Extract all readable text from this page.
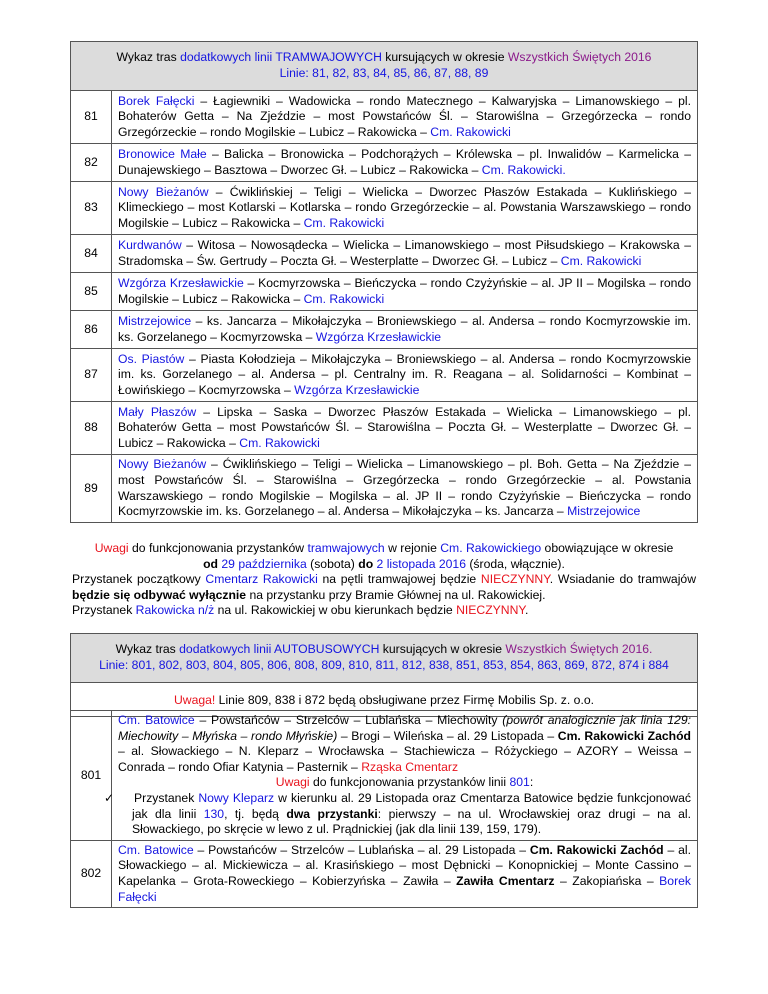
Wykaz tras dodatkowych linii TRAMWAJOWYCH kursujących w okresie Wszystkich Świętych 2016
Linie: 81, 82, 83, 84, 85, 86, 87, 88, 89	
81	Borek Fałęcki – Łagiewniki – Wadowicka – rondo Matecznego – Kalwaryjska – Limanowskiego – pl. Bohaterów Getta – Na Zjeździe – most Powstańców Śl. – Starowiślna – Grzegórzecka – rondo Grzegórzeckie – rondo Mogilskie – Lubicz – Rakowicka – Cm. Rakowicki
82	Bronowice Małe – Balicka – Bronowicka – Podchorążych – Królewska – pl. Inwalidów – Karmelicka – Dunajewskiego – Basztowa – Dworzec Gł. – Lubicz – Rakowicka – Cm. Rakowicki.
83	Nowy Bieżanów – Ćwiklińskiej – Teligi – Wielicka – Dworzec Płaszów Estakada – Kuklińskiego – Klimeckiego – most Kotlarski – Kotlarska – rondo Grzegórzeckie – al. Powstania Warszawskiego – rondo Mogilskie – Lubicz – Rakowicka – Cm. Rakowicki
84	Kurdwanów – Witosa – Nowosądecka – Wielicka – Limanowskiego – most Piłsudskiego – Krakowska – Stradomska – Św. Gertrudy – Poczta Gł. – Westerplatte – Dworzec Gł. – Lubicz – Cm. Rakowicki
85	Wzgórza Krzesławickie – Kocmyrzowska – Bieńczycka – rondo Czyżyńskie – al. JP II – Mogilska – rondo Mogilskie – Lubicz – Rakowicka – Cm. Rakowicki
86	Mistrzejowice – ks. Jancarza – Mikołajczyka – Broniewskiego – al. Andersa – rondo Kocmyrzowskie im. ks. Gorzelanego – Kocmyrzowska – Wzgórza Krzesławickie
87	Os. Piastów – Piasta Kołodzieja – Mikołajczyka – Broniewskiego – al. Andersa – rondo Kocmyrzowskie im. ks. Gorzelanego – al. Andersa – pl. Centralny im. R. Reagana – al. Solidarności – Kombinat – Łowińskiego – Kocmyrzowska – Wzgórza Krzesławickie
88	Mały Płaszów – Lipska – Saska – Dworzec Płaszów Estakada – Wielicka – Limanowskiego – pl. Bohaterów Getta – most Powstańców Śl. – Starowiślna – Poczta Gł. – Westerplatte – Dworzec Gł. – Lubicz – Rakowicka – Cm. Rakowicki
89	Nowy Bieżanów – Ćwiklińskiego – Teligi – Wielicka – Limanowskiego – pl. Boh. Getta – Na Zjeździe – most Powstańców Śl. – Starowiślna – Grzegórzecka – rondo Grzegórzeckie – al. Powstania Warszawskiego – rondo Mogilskie – Mogilska – al. JP II – rondo Czyżyńskie – Bieńczycka – rondo Kocmyrzowskie im. ks. Gorzelanego – al. Andersa – Mikołajczyka – ks. Jancarza – Mistrzejowice

Uwagi do funkcjonowania przystanków tramwajowych w rejonie Cm. Rakowickiego obowiązujące w okresie

od 29 października (sobota) do 2 listopada 2016 (środa, włącznie).

Przystanek początkowy Cmentarz Rakowicki na pętli tramwajowej będzie NIECZYNNY. Wsiadanie do tramwajów będzie się odbywać wyłącznie na przystanku przy Bramie Głównej na ul. Rakowickiej.

Przystanek Rakowicka n/ż na ul. Rakowickiej w obu kierunkach będzie NIECZYNNY.

Wykaz tras dodatkowych linii AUTOBUSOWYCH kursujących w okresie Wszystkich Świętych 2016.
Linie: 801, 802, 803, 804, 805, 806, 808, 809, 810, 811, 812, 838, 851, 853, 854, 863, 869, 872, 874 i 884
Uwaga! Linie 809, 838 i 872 będą obsługiwane przez Firmę Mobilis Sp. z. o.o.
801	Cm. Batowice – Powstańców – Strzelców – Lublańska – Miechowity (powrót analogicznie jak linia 129: Miechowity – Młyńska – rondo Młyńskie) – Brogi – Wileńska – al. 29 Listopada – Cm. Rakowicki Zachód – al. Słowackiego – N. Kleparz – Wrocławska – Stachiewicza – Różyckiego – AZORY – Weissa – Conrada – rondo Ofiar Katynia – Pasternik – Rząska Cmentarz
Uwagi do funkcjonowania przystanków linii 801:
✓ Przystanek Nowy Kleparz w kierunku al. 29 Listopada oraz Cmentarza Batowice będzie funkcjonować jak dla linii 130, tj. będą dwa przystanki: pierwszy – na ul. Wrocławskiej oraz drugi – na al. Słowackiego, po skręcie w lewo z ul. Prądnickiej (jak dla linii 139, 159, 179).

802	Cm. Batowice – Powstańców – Strzelców – Lublańska – al. 29 Listopada – Cm. Rakowicki Zachód – al. Słowackiego – al. Mickiewicza – al. Krasińskiego – most Dębnicki – Konopnickiej – Monte Cassino – Kapelanka – Grota-Roweckiego – Kobierzyńska – Zawiła – Zawiła Cmentarz – Zakopiańska – Borek Fałęcki
